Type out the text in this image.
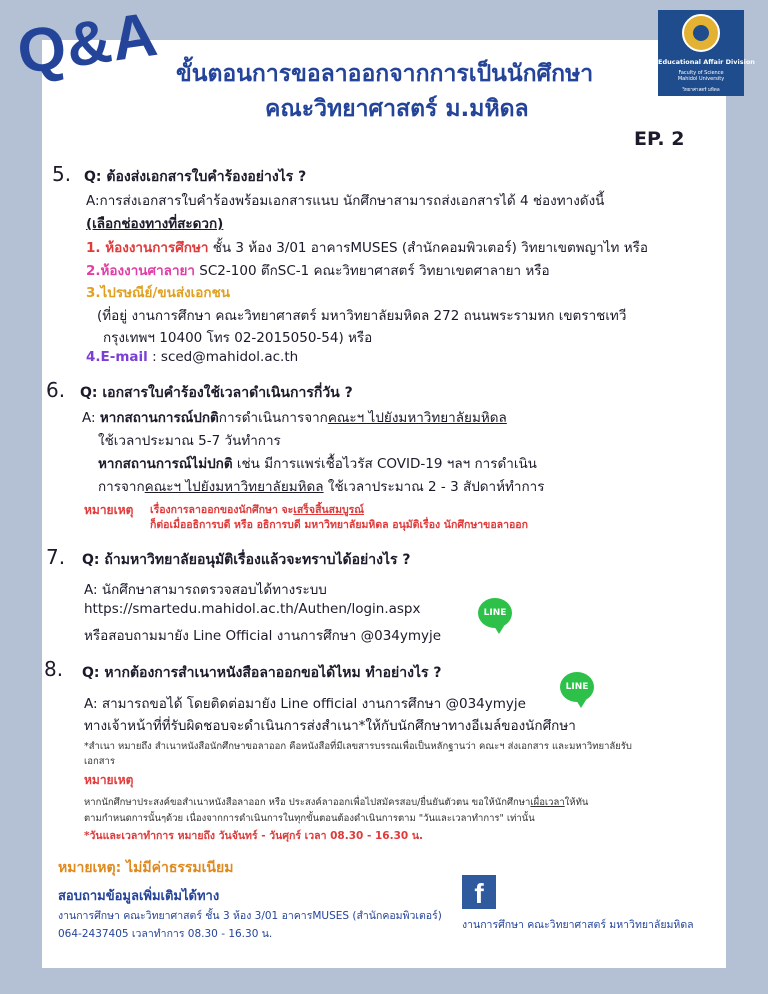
Q&A ขั้นตอนการขอลาออกจากการเป็นนักศึกษา
คณะวิทยาศาสตร์ ม.มหิดล
EP. 2
Educational Affair Division
Faculty of Science
Mahidol University
วิทยาศาสตร์ มหิดล
5. Q: ต้องส่งเอกสารใบคำร้องอย่างไร ?
A:การส่งเอกสารใบคำร้องพร้อมเอกสารแนบ นักศึกษาสามารถส่งเอกสารได้ 4 ช่องทางดังนี้
(เลือกช่องทางที่สะดวก)
1. ห้องงานการศึกษา ชั้น 3 ห้อง 3/01 อาคารMUSES (สำนักคอมพิวเตอร์) วิทยาเขตพญาไท หรือ
2.ห้องงานศาลายา SC2-100 ตึกSC-1 คณะวิทยาศาสตร์ วิทยาเขตศาลายา หรือ
3.ไปรษณีย์/ขนส่งเอกชน
(ที่อยู่ งานการศึกษา คณะวิทยาศาสตร์ มหาวิทยาลัยมหิดล 272 ถนนพระรามหก เขตราชเทวี
กรุงเทพฯ 10400 โทร 02-2015050-54) หรือ
4.E-mail : sced@mahidol.ac.th
6. Q: เอกสารใบคำร้องใช้เวลาดำเนินการกี่วัน ?
A: หากสถานการณ์ปกติการดำเนินการจากคณะฯ ไปยังมหาวิทยาลัยมหิดล
ใช้เวลาประมาณ 5-7 วันทำการ
หากสถานการณ์ไม่ปกติ เช่น มีการแพร่เชื้อไวรัส COVID-19 ฯลฯ การดำเนิน
การจากคณะฯ ไปยังมหาวิทยาลัยมหิดล ใช้เวลาประมาณ 2 - 3 สัปดาห์ทำการ
หมายเหตุ เรื่องการลาออกของนักศึกษา จะเสร็จสิ้นสมบูรณ์
ก็ต่อเมื่ออธิการบดี หรือ อธิการบดี มหาวิทยาลัยมหิดล อนุมัติเรื่อง นักศึกษาขอลาออก
7. Q: ถ้ามหาวิทยาลัยอนุมัติเรื่องแล้วจะทราบได้อย่างไร ?
A: นักศึกษาสามารถตรวจสอบได้ทางระบบ
https://smartedu.mahidol.ac.th/Authen/login.aspx
หรือสอบถามมายัง Line Official งานการศึกษา @034ymyje
LINE
8. Q: หากต้องการสำเนาหนังสือลาออกขอได้ไหม ทำอย่างไร ?
A: สามารถขอได้ โดยติดต่อมายัง Line official งานการศึกษา @034ymyje
LINE
ทางเจ้าหน้าที่ที่รับผิดชอบจะดำเนินการส่งสำเนา*ให้กับนักศึกษาทางอีเมล์ของนักศึกษา
*สำเนา หมายถึง สำเนาหนังสือนักศึกษาขอลาออก คือหนังสือที่มีเลขสารบรรณเพื่อเป็นหลักฐานว่า คณะฯ ส่งเอกสาร และมหาวิทยาลัยรับ
เอกสาร
หมายเหตุ
หากนักศึกษาประสงค์ขอสำเนาหนังสือลาออก หรือ ประสงค์ลาออกเพื่อไปสมัครสอบ/ยื่นยันตัวตน ขอให้นักศึกษาเผื่อเวลาให้ทัน
ตามกำหนดการนั้นๆด้วย เนื่องจากการดำเนินการในทุกขั้นตอนต้องดำเนินการตาม "วันและเวลาทำการ" เท่านั้น
*วันและเวลาทำการ หมายถึง วันจันทร์ - วันศุกร์ เวลา 08.30 - 16.30 น.
หมายเหตุ: ไม่มีค่าธรรมเนียม
สอบถามข้อมูลเพิ่มเติมได้ทาง
งานการศึกษา คณะวิทยาศาสตร์ ชั้น 3 ห้อง 3/01 อาคารMUSES (สำนักคอมพิวเตอร์)
064-2437405 เวลาทำการ 08.30 - 16.30 น.
f
งานการศึกษา คณะวิทยาศาสตร์ มหาวิทยาลัยมหิดล
